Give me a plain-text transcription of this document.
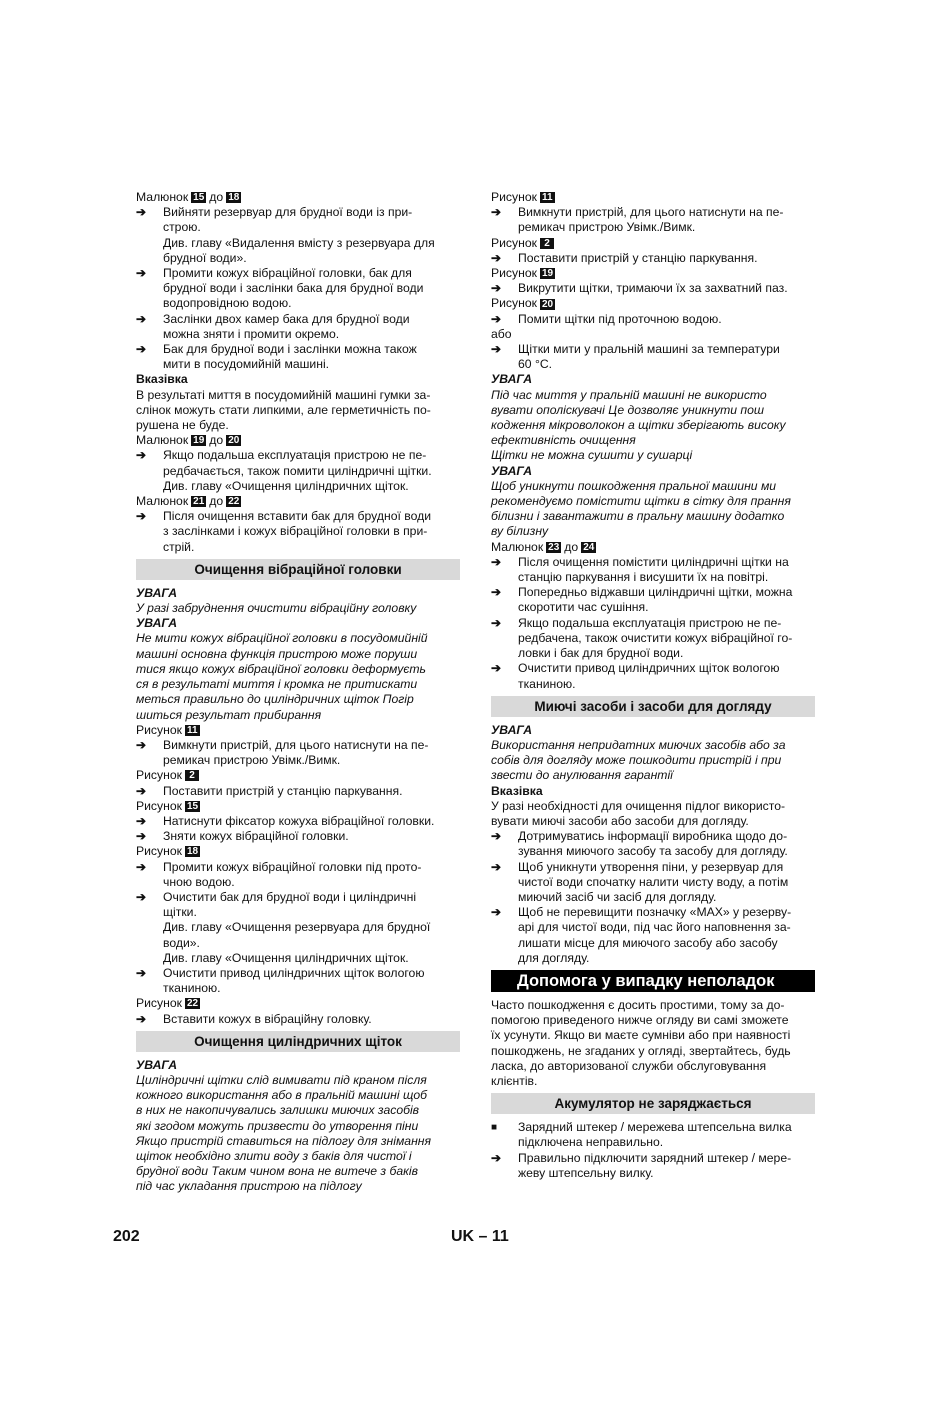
Малюнок 15 до 18
➔	Вийняти резервуар для брудної води із при-
строю.
Див. главу «Видалення вмісту з резервуара для
брудної води».
➔	Промити кожух вібраційної головки, бак для
брудної води і заслінки бака для брудної води
водопровідною водою.
➔	Заслінки двох камер бака для брудної води
можна зняти і промити окремо.
➔	Бак для брудної води і заслінки можна також
мити в посудомийній машині.
Вказівка
В результаті миття в посудомийній машині гумки за-
слінок можуть стати липкими, але герметичність по-
рушена не буде.
Малюнок 19 до 20
➔	Якщо подальша експлуатація пристрою не пе-
редбачається, також помити циліндричні щітки.
Див. главу «Очищення циліндричних щіток.
Малюнок 21 до 22
➔	Після очищення вставити бак для брудної води
з заслінками і кожух вібраційної головки в при-
стрій.
Очищення вібраційної головки
УВАГА
У разі забруднення очистити вібраційну головку
УВАГА
Не мити кожух вібраційної головки в посудомийній
машині основна функція пристрою може поруши
тися якщо кожух вібраційної головки деформуєть
ся в результаті миття і кромка не притискати
меться правильно до циліндричних щіток Погір
шиться результат прибирання
Рисунок 11
➔	Вимкнути пристрій, для цього натиснути на пе-
ремикач пристрою Увімк./Вимк.
Рисунок 2
➔	Поставити пристрій у станцію паркування.
Рисунок 15
➔	Натиснути фіксатор кожуха вібраційної головки.
➔	Зняти кожух вібраційної головки.
Рисунок 18
➔	Промити кожух вібраційної головки під прото-
чною водою.
➔	Очистити бак для брудної води і циліндричні
щітки.
Див. главу «Очищення резервуара для брудної
води».
Див. главу «Очищення циліндричних щіток.
➔	Очистити привод циліндричних щіток вологою
тканиною.
Рисунок 22
➔	Вставити кожух в вібраційну головку.
Очищення циліндричних щіток
УВАГА
Циліндричні щітки слід вимивати під краном після
кожного використання або в пральній машині щоб
в них не накопичувались залишки миючих засобів
які згодом можуть призвести до утворення піни
Якщо пристрій ставиться на підлогу для знімання
щіток необхідно злити воду з баків для чистої і
брудної води Таким чином вона не витече з баків
під час укладання пристрою на підлогу
Рисунок 11
➔	Вимкнути пристрій, для цього натиснути на пе-
ремикач пристрою Увімк./Вимк.
Рисунок 2
➔	Поставити пристрій у станцію паркування.
Рисунок 19
➔	Викрутити щітки, тримаючи їх за захватний паз.
Рисунок 20
➔	Помити щітки під проточною водою.
або
➔	Щітки мити у пральній машині за температури
60 °C.
УВАГА
Під час миття у пральній машині не використо
вувати ополіскувачі Це дозволяє уникнути пош
кодження мікроволокон а щітки зберігають високу
ефективність очищення
Щітки не можна сушити у сушарці
УВАГА
Щоб уникнути пошкодження пральної машини ми
рекомендуємо помістити щітки в сітку для прання
білизни і завантажити в пральну машину додатко
ву білизну
Малюнок 23 до 24
➔	Після очищення помістити циліндричні щітки на
станцію паркування і висушити їх на повітрі.
➔	Попередньо віджавши циліндричні щітки, можна
скоротити час сушіння.
➔	Якщо подальша експлуатація пристрою не пе-
редбачена, також очистити кожух вібраційної го-
ловки і бак для брудної води.
➔	Очистити привод циліндричних щіток вологою
тканиною.
Миючі засоби і засоби для догляду
УВАГА
Використання непридатних миючих засобів або за
собів для догляду може пошкодити пристрій і при
звести до анулювання гарантії
Вказівка
У разі необхідності для очищення підлог використо-
вувати миючі засоби або засоби для догляду.
➔	Дотримуватись інформації виробника щодо до-
зування миючого засобу та засобу для догляду.
➔	Щоб уникнути утворення піни, у резервуар для
чистої води спочатку налити чисту воду, а потім
миючий засіб чи засіб для догляду.
➔	Щоб не перевищити позначку «MAX» у резерву-
арі для чистої води, під час його наповнення за-
лишати місце для миючого засобу або засобу
для догляду.
Допомога у випадку неполадок
Часто пошкодження є досить простими, тому за до-
помогою приведеного нижче огляду ви самі зможете
їх усунути. Якщо ви маєте сумніви або при наявності
пошкоджень, не згаданих у огляді, звертайтесь, будь
ласка, до авторизованої служби обслуговування
клієнтів.
Акумулятор не заряджається
■	Зарядний штекер / мережева штепсельна вилка
підключена неправильно.
➔	Правильно підключити зарядний штекер / мере-
жеву штепсельну вилку.
202	UK – 11
